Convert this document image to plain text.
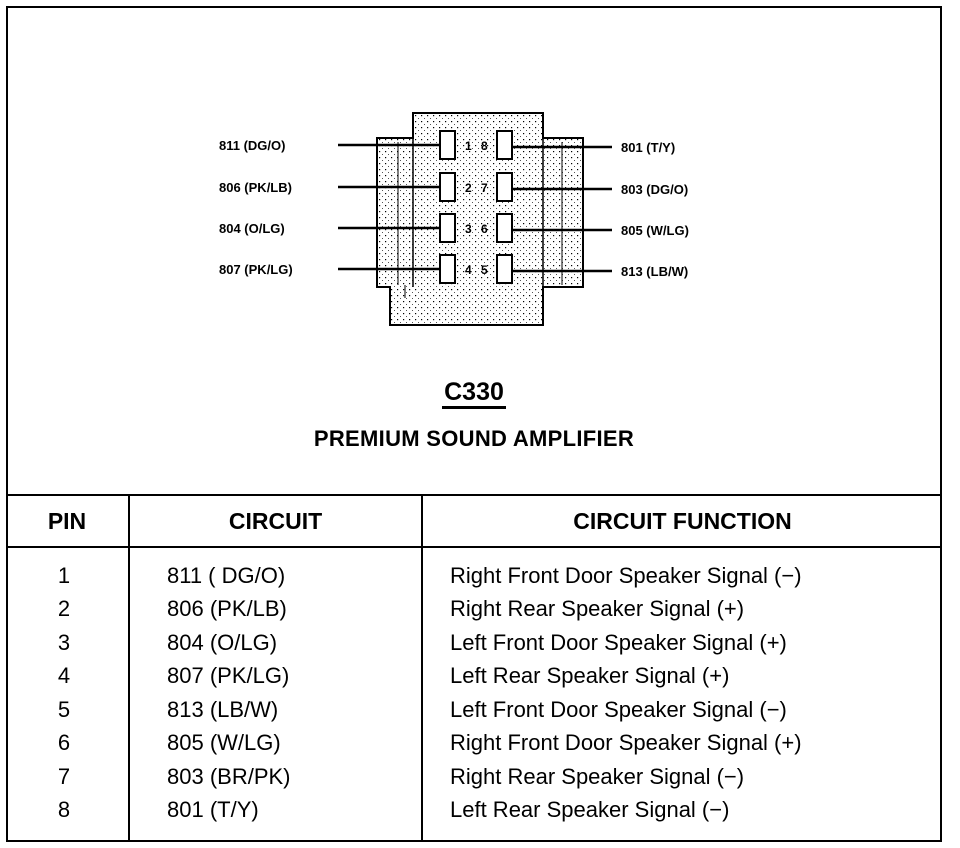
1 8
2 7
3 6
4 5
811 (DG/O)
806 (PK/LB)
804 (O/LG)
807 (PK/LG)
801 (T/Y)
803 (DG/O)
805 (W/LG)
813 (LB/W)
C330
PREMIUM SOUND AMPLIFIER
PIN	CIRCUIT	CIRCUIT FUNCTION
1	811 ( DG/O)	Right Front Door Speaker Signal (−)
2	806 (PK/LB)	Right Rear Speaker Signal (+)
3	804 (O/LG)	Left Front Door Speaker Signal (+)
4	807 (PK/LG)	Left Rear Speaker Signal (+)
5	813 (LB/W)	Left Front Door Speaker Signal (−)
6	805 (W/LG)	Right Front Door Speaker Signal (+)
7	803 (BR/PK)	Right Rear Speaker Signal (−)
8	801 (T/Y)	Left Rear Speaker Signal (−)
